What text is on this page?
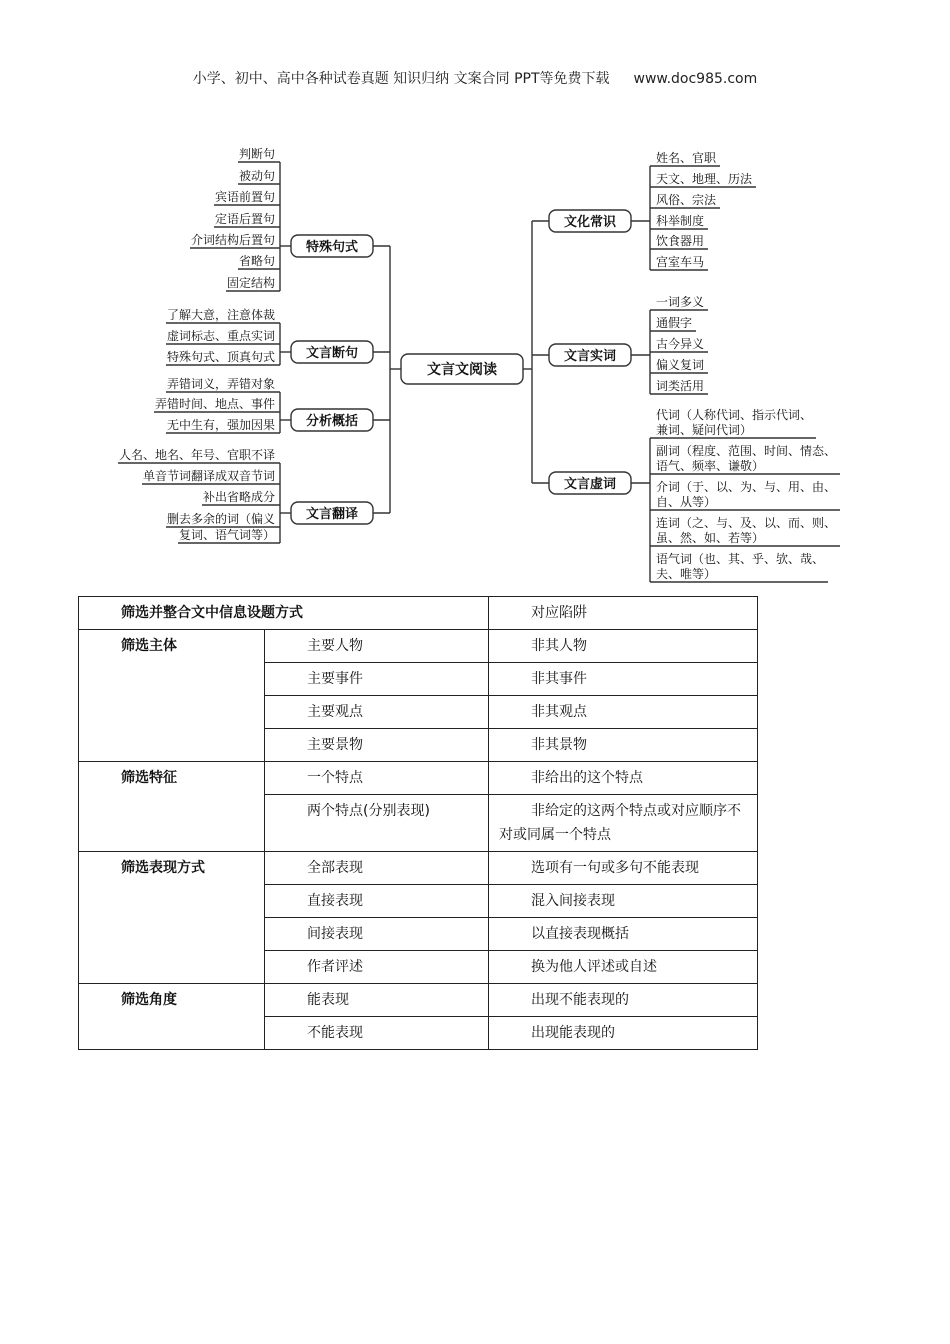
小学、初中、高中各种试卷真题 知识归纳 文案合同 PPT等免费下载 www.doc985.com
文言文阅读
特殊句式
判断句
被动句
宾语前置句
定语后置句
介词结构后置句
省略句
固定结构
文言断句
了解大意，注意体裁
虚词标志、重点实词
特殊句式、顶真句式
分析概括
弄错词义，弄错对象
弄错时间、地点、事件
无中生有，强加因果
文言翻译
人名、地名、年号、官职不译
单音节词翻译成双音节词
补出省略成分
删去多余的词（偏义
复词、语气词等）
文化常识
姓名、官职
天文、地理、历法
风俗、宗法
科举制度
饮食器用
宫室车马
文言实词
一词多义
通假字
古今异义
偏义复词
词类活用
文言虚词
代词（人称代词、指示代词、
兼词、疑问代词）
副词（程度、范围、时间、情态、
语气、频率、谦敬）
介词（于、以、为、与、用、由、
自、从等）
连词（之、与、及、以、而、则、
虽、然、如、若等）
语气词（也、其、乎、欤、哉、
夫、唯等）
筛选并整合文中信息设题方式		对应陷阱
筛选主体	主要人物	非其人物
	主要事件	非其事件
	主要观点	非其观点
	主要景物	非其景物
筛选特征	一个特点	非给出的这个特点
	两个特点(分别表现)	非给定的这两个特点或对应顺序不对或同属一个特点
筛选表现方式	全部表现	选项有一句或多句不能表现
	直接表现	混入间接表现
	间接表现	以直接表现概括
	作者评述	换为他人评述或自述
筛选角度	能表现	出现不能表现的
	不能表现	出现能表现的
